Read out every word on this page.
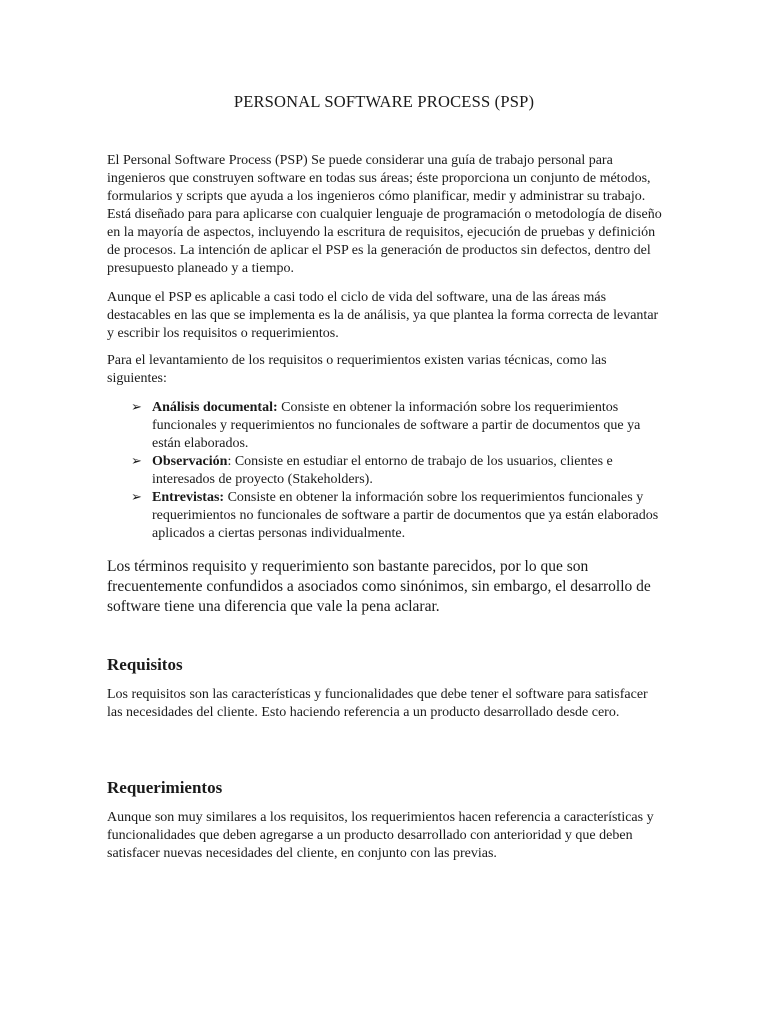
PERSONAL SOFTWARE PROCESS (PSP)

El Personal Software Process (PSP) Se puede considerar una guía de trabajo personal para ingenieros que construyen software en todas sus áreas; éste proporciona un conjunto de métodos, formularios y scripts que ayuda a los ingenieros cómo planificar, medir y administrar su trabajo. Está diseñado para para aplicarse con cualquier lenguaje de programación o metodología de diseño en la mayoría de aspectos, incluyendo la escritura de requisitos, ejecución de pruebas y definición de procesos. La intención de aplicar el PSP es la generación de productos sin defectos, dentro del presupuesto planeado y a tiempo.

Aunque el PSP es aplicable a casi todo el ciclo de vida del software, una de las áreas más destacables en las que se implementa es la de análisis, ya que plantea la forma correcta de levantar y escribir los requisitos o requerimientos.

Para el levantamiento de los requisitos o requerimientos existen varias técnicas, como las siguientes:

➢ Análisis documental: Consiste en obtener la información sobre los requerimientos funcionales y requerimientos no funcionales de software a partir de documentos que ya están elaborados.
➢ Observación: Consiste en estudiar el entorno de trabajo de los usuarios, clientes e interesados de proyecto (Stakeholders).
➢ Entrevistas: Consiste en obtener la información sobre los requerimientos funcionales y requerimientos no funcionales de software a partir de documentos que ya están elaborados aplicados a ciertas personas individualmente.

Los términos requisito y requerimiento son bastante parecidos, por lo que son frecuentemente confundidos a asociados como sinónimos, sin embargo, el desarrollo de software tiene una diferencia que vale la pena aclarar.

Requisitos

Los requisitos son las características y funcionalidades que debe tener el software para satisfacer las necesidades del cliente. Esto haciendo referencia a un producto desarrollado desde cero.

Requerimientos

Aunque son muy similares a los requisitos, los requerimientos hacen referencia a características y funcionalidades que deben agregarse a un producto desarrollado con anterioridad y que deben satisfacer nuevas necesidades del cliente, en conjunto con las previas.
